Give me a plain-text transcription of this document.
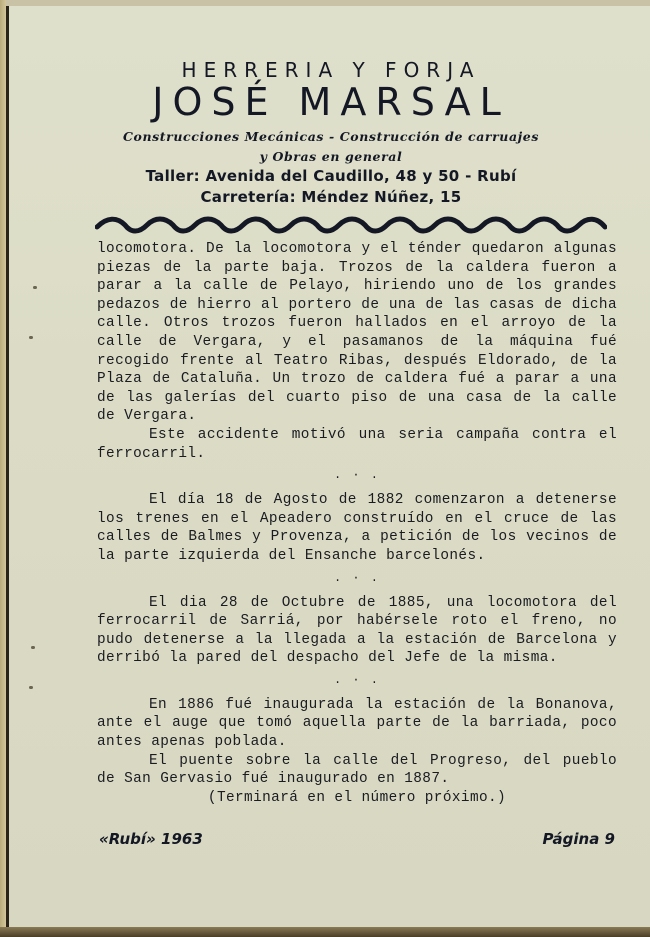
HERRERIA Y FORJA
JOSÉ MARSAL
Construcciones Mecánicas - Construcción de carruajes
y Obras en general
Taller: Avenida del Caudillo, 48 y 50 - Rubí
Carretería: Méndez Núñez, 15

locomotora. De la locomotora y el ténder quedaron algunas piezas de la parte baja. Trozos de la caldera fueron a parar a la calle de Pelayo, hiriendo uno de los grandes pedazos de hierro al portero de una de las casas de dicha calle. Otros trozos fueron hallados en el arroyo de la calle de Vergara, y el pasamanos de la máquina fué recogido frente al Teatro Ribas, después Eldorado, de la Plaza de Cataluña. Un trozo de caldera fué a parar a una de las galerías del cuarto piso de una casa de la calle de Vergara.

Este accidente motivó una seria campaña contra el ferrocarril.

. · .

El día 18 de Agosto de 1882 comenzaron a detenerse los trenes en el Apeadero construído en el cruce de las calles de Balmes y Provenza, a petición de los vecinos de la parte izquierda del Ensanche barcelonés.

. · .

El dia 28 de Octubre de 1885, una locomotora del ferrocarril de Sarriá, por habérsele roto el freno, no pudo detenerse a la llegada a la estación de Barcelona y derribó la pared del despacho del Jefe de la misma.

. · .

En 1886 fué inaugurada la estación de la Bonanova, ante el auge que tomó aquella parte de la barriada, poco antes apenas poblada.

El puente sobre la calle del Progreso, del pueblo de San Gervasio fué inaugurado en 1887.

(Terminará en el número próximo.)

«Rubí» 1963	Página 9
